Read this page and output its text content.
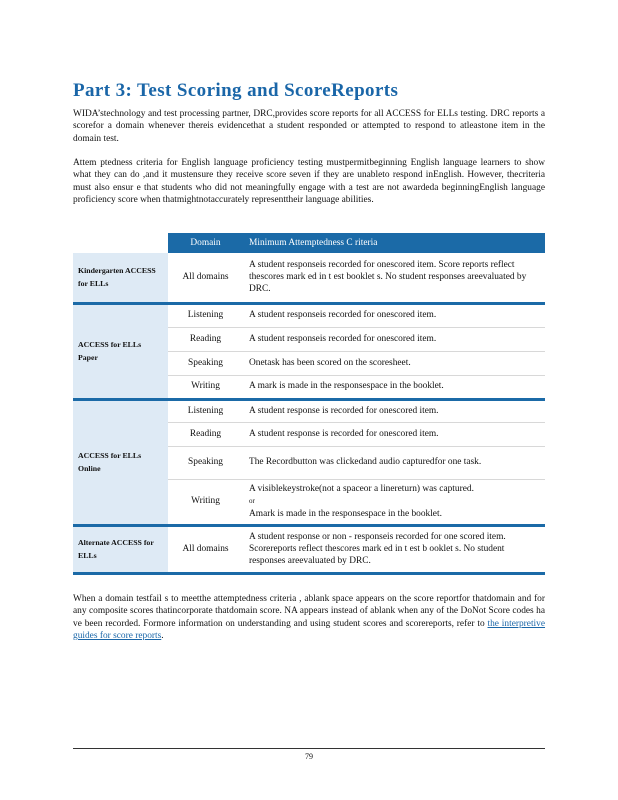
Part 3: Test Scoring and ScoreReports

WIDA’stechnology and test processing partner, DRC,provides score reports for all ACCESS for ELLs testing. DRC reports a scorefor a domain whenever thereis evidencethat a student responded or attempted to respond to atleastone item in the domain test.

Attem ptedness criteria for English language proficiency testing mustpermitbeginning English language learners to show what they can do ,and it mustensure they receive score seven if they are unableto respond inEnglish. However, thecriteria must also ensur e that students who did not meaningfully engage with a test are not awardeda beginningEnglish language proficiency score when thatmightnotaccurately representtheir language abilities.

	Domain	Minimum Attemptedness C riteria
Kindergarten ACCESS for ELLs	All domains	A student responseis recorded for onescored item. Score reports reflect thescores mark ed in t est booklet s. No student responses areevaluated by DRC.
ACCESS for ELLs Paper	Listening	A student responseis recorded for onescored item.
	Reading	A student responseis recorded for onescored item.
	Speaking	Onetask has been scored on the scoresheet.
	Writing	A mark is made in the responsespace in the booklet.
ACCESS for ELLs Online	Listening	A student response is recorded for onescored item.
	Reading	A student response is recorded for onescored item.
	Speaking	The Recordbutton was clickedand audio capturedfor one task.
	Writing	A visiblekeystroke(not a spaceor a linereturn) was captured.
or
Amark is made in the responsespace in the booklet.

Alternate ACCESS for ELLs	All domains	A student response or non - responseis recorded for one scored item. Scorereports reflect thescores mark ed in t est b ooklet s. No student responses areevaluated by DRC.

When a domain testfail s to meetthe attemptedness criteria , ablank space appears on the score reportfor thatdomain and for any composite scores thatincorporate thatdomain score. NA appears instead of ablank when any of the DoNot Score codes ha ve been recorded. Formore information on understanding and using student scores and scorereports, refer to the interpretive guides for score reports.

79
